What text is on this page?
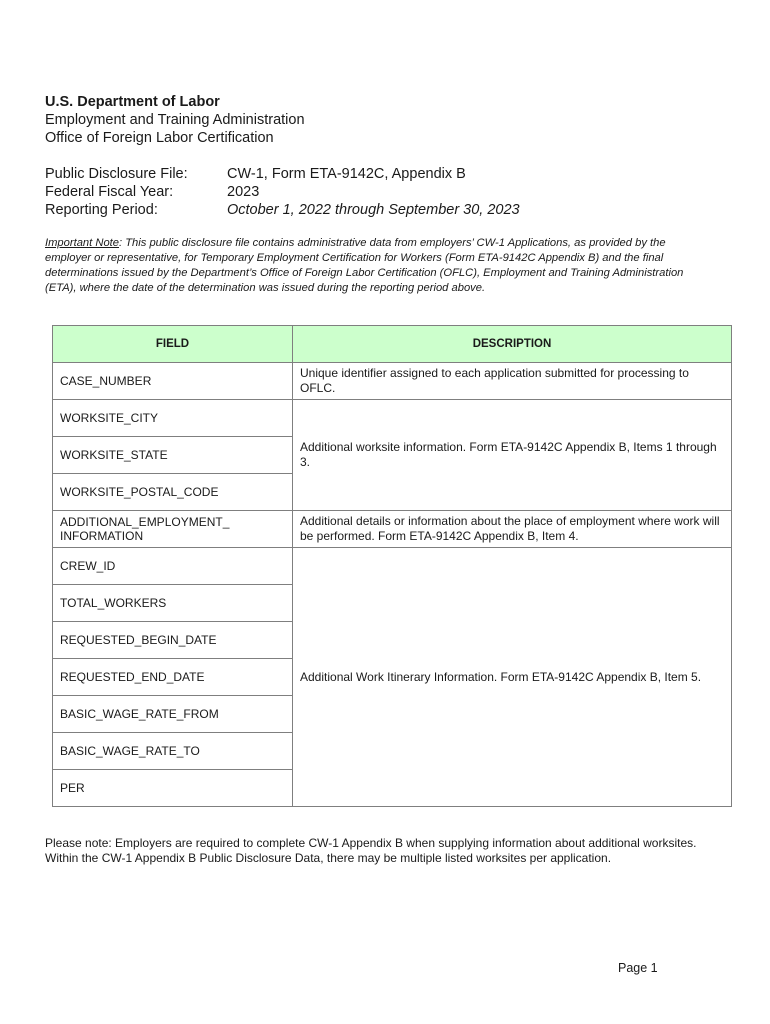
U.S. Department of Labor
Employment and Training Administration
Office of Foreign Labor Certification
Public Disclosure File:	CW-1, Form ETA-9142C, Appendix B
Federal Fiscal Year:	2023
Reporting Period:	October 1, 2022 through September 30, 2023
Important Note: This public disclosure file contains administrative data from employers’ CW-1 Applications, as provided by the employer or representative, for Temporary Employment Certification for Workers (Form ETA-9142C Appendix B) and the final determinations issued by the Department’s Office of Foreign Labor Certification (OFLC), Employment and Training Administration (ETA), where the date of the determination was issued during the reporting period above.
FIELD	DESCRIPTION
CASE_NUMBER	Unique identifier assigned to each application submitted for processing to OFLC.
WORKSITE_CITY	Additional worksite information. Form ETA-9142C Appendix B, Items 1 through 3.
WORKSITE_STATE	
WORKSITE_POSTAL_CODE	
ADDITIONAL_EMPLOYMENT_ INFORMATION	Additional details or information about the place of employment where work will be performed. Form ETA-9142C Appendix B, Item 4.
CREW_ID	Additional Work Itinerary Information. Form ETA-9142C Appendix B, Item 5.
TOTAL_WORKERS	
REQUESTED_BEGIN_DATE	
REQUESTED_END_DATE	
BASIC_WAGE_RATE_FROM	
BASIC_WAGE_RATE_TO	
PER	
Please note: Employers are required to complete CW-1 Appendix B when supplying information about additional worksites. Within the CW-1 Appendix B Public Disclosure Data, there may be multiple listed worksites per application.
Page 1
